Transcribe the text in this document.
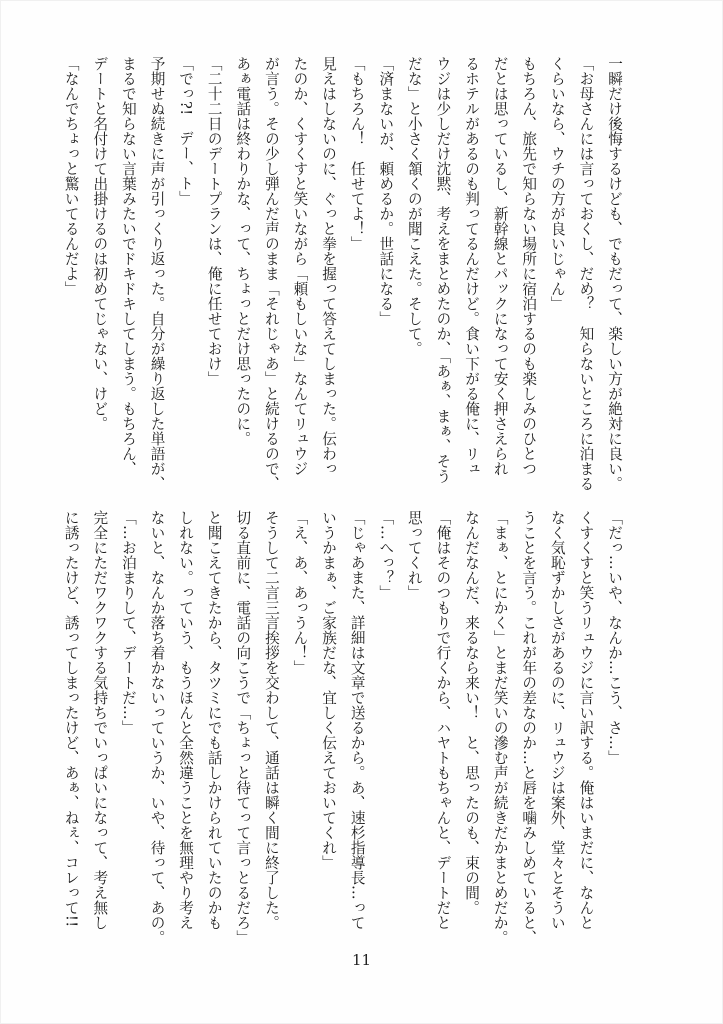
一瞬だけ後悔するけども、でもだって、楽しい方が絶対に良い。
「お母さんには言っておくし、だめ？　知らないところに泊まる
くらいなら、ウチの方が良いじゃん」
もちろん、旅先で知らない場所に宿泊するのも楽しみのひとつ
だとは思っているし、新幹線とパックになって安く押さえられ
るホテルがあるのも判ってるんだけど。食い下がる俺に、リュ
ウジは少しだけ沈黙、考えをまとめたのか、「あぁ、まぁ、そう
だな」と小さく頷くのが聞こえた。そして。
「済まないが、頼めるか。世話になる」
「もちろん！　任せてよ！」
見えはしないのに、ぐっと拳を握って答えてしまった。伝わっ
たのか、くすくすと笑いながら「頼もしいな」なんてリュウジ
が言う。その少し弾んだ声のまま「それじゃあ」と続けるので、
あぁ電話は終わりかな、って、ちょっとだけ思ったのに。
「二十二日のデートプランは、俺に任せておけ」
「でっ?!　デー、ト」
予期せぬ続きに声が引っくり返った。自分が繰り返した単語が、
まるで知らない言葉みたいでドキドキしてしまう。もちろん、
デートと名付けて出掛けるのは初めてじゃない、けど。
「なんでちょっと驚いてるんだよ」
「だっ…いや、なんか…こう、さ…」
くすくすと笑うリュウジに言い訳する。俺はいまだに、なんと
なく気恥ずかしさがあるのに、リュウジは案外、堂々とそうい
うことを言う。これが年の差なのか…と唇を噛みしめていると、
「まぁ、とにかく」とまだ笑いの滲む声が続きだかまとめだか。
なんだなんだ、来るなら来い！　と、思ったのも、束の間。
「俺はそのつもりで行くから、ハヤトもちゃんと、デートだと
思ってくれ」
「…へっ？」
「じゃあまた、詳細は文章で送るから。あ、速杉指導長…って
いうかまぁ、ご家族だな、宜しく伝えておいてくれ」
「え、あ、あっうん！」
そうして二言三言挨拶を交わして、通話は瞬く間に終了した。
切る直前に、電話の向こうで「ちょっと待てって言っとるだろ」
と聞こえてきたから、タツミにでも話しかけられていたのかも
しれない。っていう、もうほんと全然違うことを無理やり考え
ないと、なんか落ち着かないっていうか、いや、待って、あの。
「…お泊まりして、デートだ…」
完全にただワクワクする気持ちでいっぱいになって、考え無し
に誘ったけど、誘ってしまったけど、あぁ、ねぇ、コレって!!
11
